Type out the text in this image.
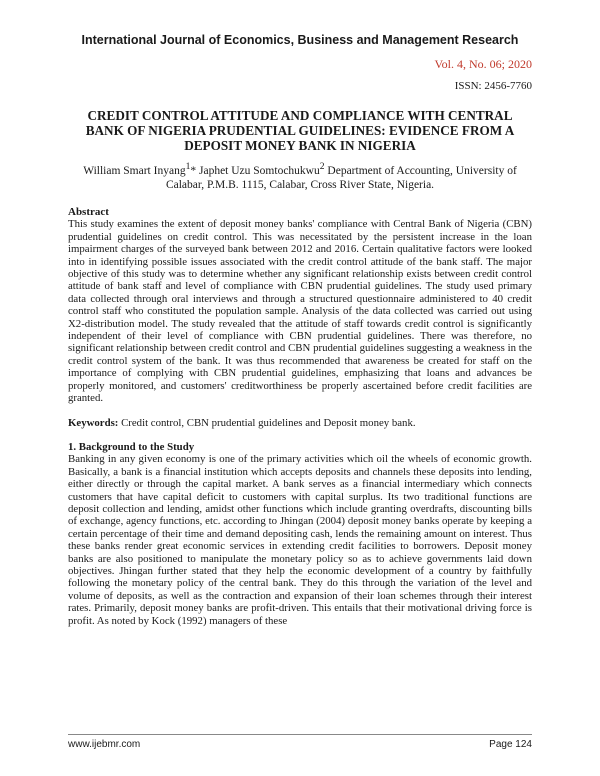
International Journal of Economics, Business and Management Research
Vol. 4, No. 06; 2020
ISSN: 2456-7760
CREDIT CONTROL ATTITUDE AND COMPLIANCE WITH CENTRAL BANK OF NIGERIA PRUDENTIAL GUIDELINES: EVIDENCE FROM A DEPOSIT MONEY BANK IN NIGERIA
William Smart Inyang$^1$* Japhet Uzu Somtochukwu$^2$ Department of Accounting, University of Calabar, P.M.B. 1115, Calabar, Cross River State, Nigeria.

Abstract

This study examines the extent of deposit money banks' compliance with Central Bank of Nigeria (CBN) prudential guidelines on credit control. This was necessitated by the persistent increase in the loan impairment charges of the surveyed bank between 2012 and 2016. Certain qualitative factors were looked into in identifying possible issues associated with the credit control attitude of the bank staff. The major objective of this study was to determine whether any significant relationship exists between credit control attitude of bank staff and level of compliance with CBN prudential guidelines. The study used primary data collected through oral interviews and through a structured questionnaire administered to 40 credit control staff who constituted the population sample. Analysis of the data collected was carried out using X2-distribution model. The study revealed that the attitude of staff towards credit control is significantly independent of their level of compliance with CBN prudential guidelines. There was therefore, no significant relationship between credit control and CBN prudential guidelines suggesting a weakness in the credit control system of the bank. It was thus recommended that awareness be created for staff on the importance of complying with CBN prudential guidelines, emphasizing that loans and advances be properly monitored, and customers' creditworthiness be properly ascertained before credit facilities are granted.

Keywords: Credit control, CBN prudential guidelines and Deposit money bank.

1. Background to the Study

Banking in any given economy is one of the primary activities which oil the wheels of economic growth. Basically, a bank is a financial institution which accepts deposits and channels these deposits into lending, either directly or through the capital market. A bank serves as a financial intermediary which connects customers that have capital deficit to customers with capital surplus. Its two traditional functions are deposit collection and lending, amidst other functions which include granting overdrafts, discounting bills of exchange, agency functions, etc. according to Jhingan (2004) deposit money banks operate by keeping a certain percentage of their time and demand depositing cash, lends the remaining amount on interest. Thus these banks render great economic services in extending credit facilities to borrowers. Deposit money banks are also positioned to manipulate the monetary policy so as to achieve governments laid down objectives. Jhingan further stated that they help the economic development of a country by faithfully following the monetary policy of the central bank. They do this through the variation of the level and volume of deposits, as well as the contraction and expansion of their loan schemes through their interest rates. Primarily, deposit money banks are profit-driven. This entails that their motivational driving force is profit. As noted by Kock (1992) managers of these

www.ijebmr.com	Page 124
